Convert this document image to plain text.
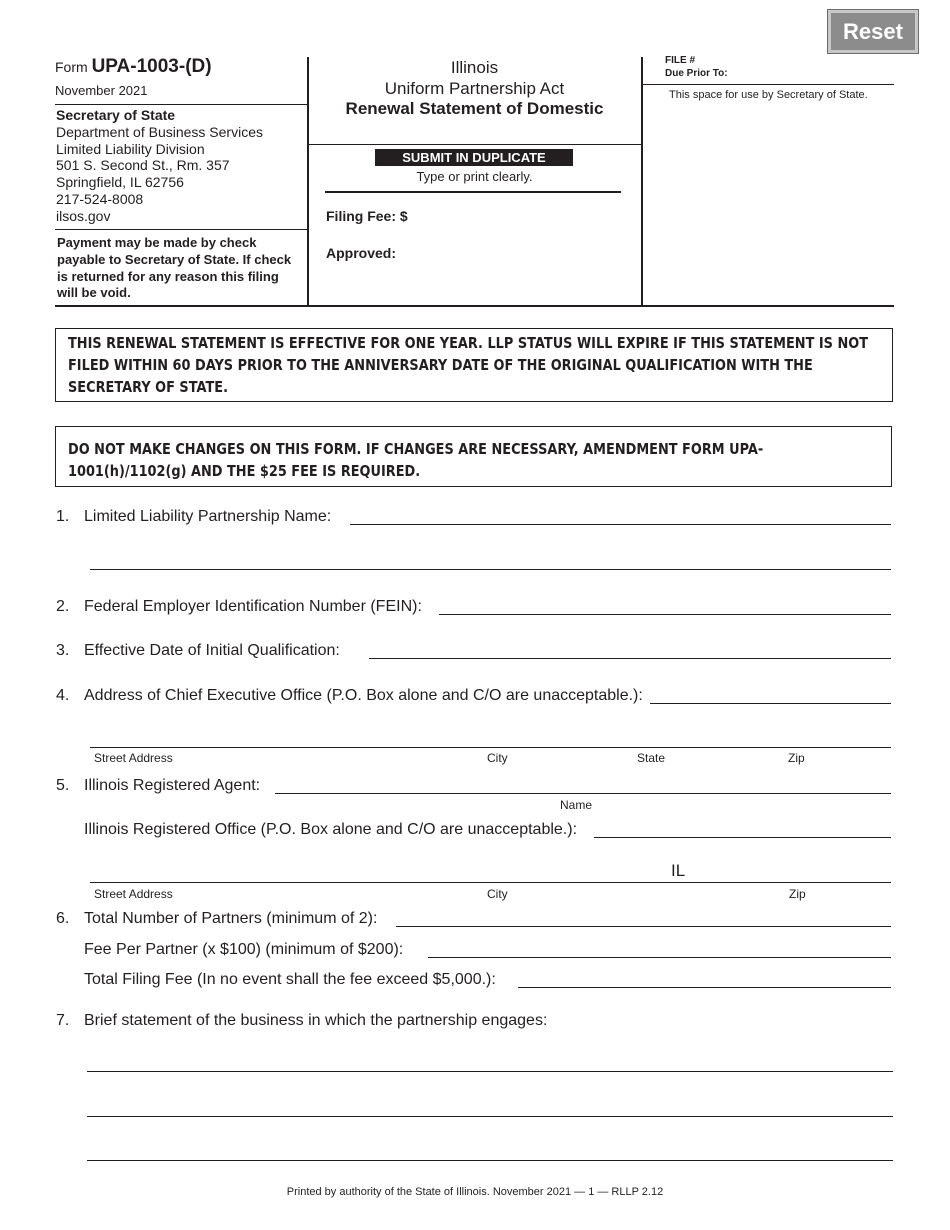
Reset
Form UPA-1003-(D)
November 2021
Secretary of State
Department of Business Services
Limited Liability Division
501 S. Second St., Rm. 357
Springfield, IL 62756
217-524-8008
ilsos.gov
Payment may be made by check payable to Secretary of State. If check is returned for any reason this filing will be void.
Illinois
Uniform Partnership Act
Renewal Statement of Domestic
SUBMIT IN DUPLICATE
Type or print clearly.
Filing Fee: $
Approved:
FILE #
Due Prior To:
This space for use by Secretary of State.
THIS RENEWAL STATEMENT IS EFFECTIVE FOR ONE YEAR. LLP STATUS WILL EXPIRE IF THIS STATEMENT IS NOT FILED WITHIN 60 DAYS PRIOR TO THE ANNIVERSARY DATE OF THE ORIGINAL QUALIFICATION WITH THE SECRETARY OF STATE.
DO NOT MAKE CHANGES ON THIS FORM. IF CHANGES ARE NECESSARY, AMENDMENT FORM UPA-1001(h)/1102(g) AND THE $25 FEE IS REQUIRED.
1. Limited Liability Partnership Name:
2. Federal Employer Identification Number (FEIN):
3. Effective Date of Initial Qualification:
4. Address of Chief Executive Office (P.O. Box alone and C/O are unacceptable.):
Street Address	City	State	Zip
5. Illinois Registered Agent:
Name
Illinois Registered Office (P.O. Box alone and C/O are unacceptable.):
IL
Street Address	City	Zip
6. Total Number of Partners (minimum of 2):
Fee Per Partner (x $100) (minimum of $200):
Total Filing Fee (In no event shall the fee exceed $5,000.):
7. Brief statement of the business in which the partnership engages:
Printed by authority of the State of Illinois. November 2021 — 1 — RLLP 2.12
